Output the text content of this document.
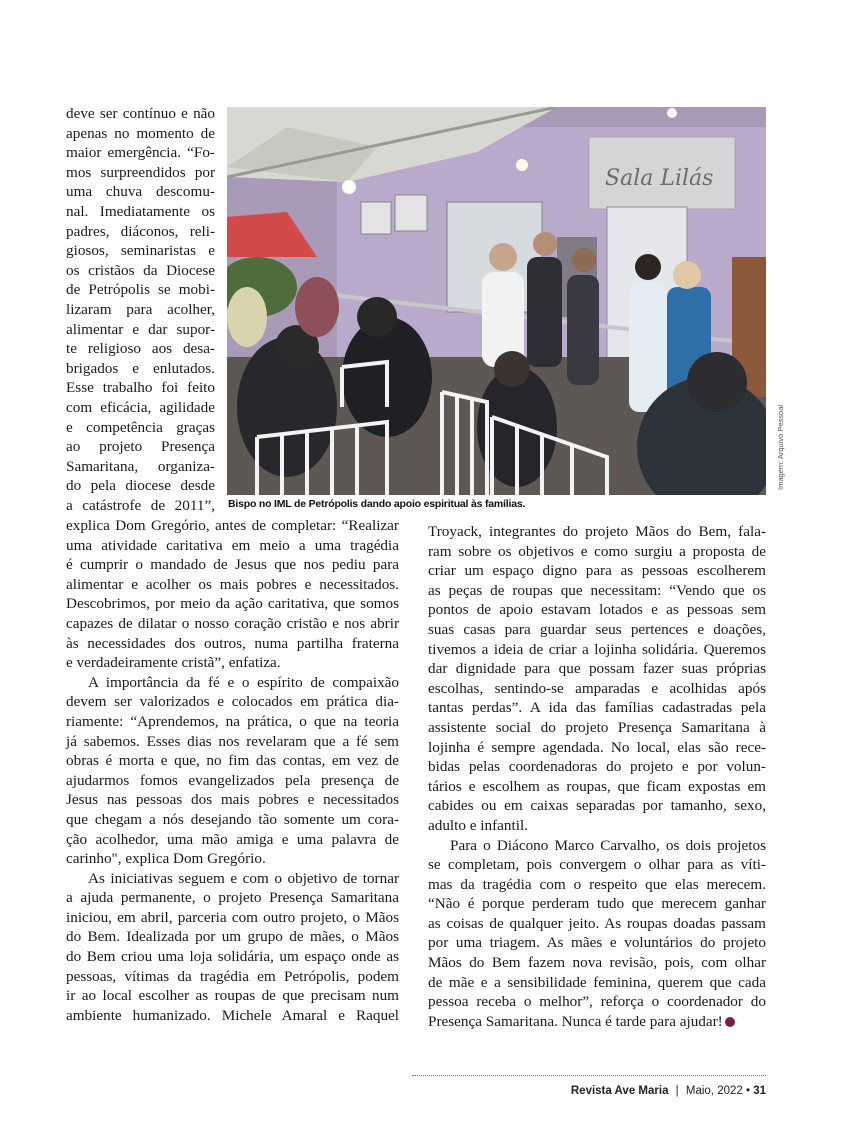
Sala Lilás
Bispo no IML de Petrópolis dando apoio espiritual às famílias.
Imagem: Arquivo Pessoal
deve ser contínuo e não
apenas no momento de
maior emergência. “Fo-
mos surpreendidos por
uma chuva descomu-
nal. Imediatamente os
padres, diáconos, reli-
giosos, seminaristas e
os cristãos da Diocese
de Petrópolis se mobi-
lizaram para acolher,
alimentar e dar supor-
te religioso aos desa-
brigados e enlutados.
Esse trabalho foi feito
com eficácia, agilidade
e competência graças
ao projeto Presença
Samaritana, organiza-
do pela diocese desde
a catástrofe de 2011”,
explica Dom Gregório, antes de completar: “Realizar
uma atividade caritativa em meio a uma tragédia
é cumprir o mandado de Jesus que nos pediu para
alimentar e acolher os mais pobres e necessitados.
Descobrimos, por meio da ação caritativa, que somos
capazes de dilatar o nosso coração cristão e nos abrir
às necessidades dos outros, numa partilha fraterna
e verdadeiramente cristã”, enfatiza.
A importância da fé e o espírito de compaixão
devem ser valorizados e colocados em prática dia-
riamente: “Aprendemos, na prática, o que na teoria
já sabemos. Esses dias nos revelaram que a fé sem
obras é morta e que, no fim das contas, em vez de
ajudarmos fomos evangelizados pela presença de
Jesus nas pessoas dos mais pobres e necessitados
que chegam a nós desejando tão somente um cora-
ção acolhedor, uma mão amiga e uma palavra de
carinho", explica Dom Gregório.
As iniciativas seguem e com o objetivo de tornar
a ajuda permanente, o projeto Presença Samaritana
iniciou, em abril, parceria com outro projeto, o Mãos
do Bem. Idealizada por um grupo de mães, o Mãos
do Bem criou uma loja solidária, um espaço onde as
pessoas, vítimas da tragédia em Petrópolis, podem
ir ao local escolher as roupas de que precisam num
ambiente humanizado. Michele Amaral e Raquel
Troyack, integrantes do projeto Mãos do Bem, fala-
ram sobre os objetivos e como surgiu a proposta de
criar um espaço digno para as pessoas escolherem
as peças de roupas que necessitam: “Vendo que os
pontos de apoio estavam lotados e as pessoas sem
suas casas para guardar seus pertences e doações,
tivemos a ideia de criar a lojinha solidária. Queremos
dar dignidade para que possam fazer suas próprias
escolhas, sentindo-se amparadas e acolhidas após
tantas perdas”. A ida das famílias cadastradas pela
assistente social do projeto Presença Samaritana à
lojinha é sempre agendada. No local, elas são rece-
bidas pelas coordenadoras do projeto e por volun-
tários e escolhem as roupas, que ficam expostas em
cabides ou em caixas separadas por tamanho, sexo,
adulto e infantil.
Para o Diácono Marco Carvalho, os dois projetos
se completam, pois convergem o olhar para as víti-
mas da tragédia com o respeito que elas merecem.
“Não é porque perderam tudo que merecem ganhar
as coisas de qualquer jeito. As roupas doadas passam
por uma triagem. As mães e voluntários do projeto
Mãos do Bem fazem nova revisão, pois, com olhar
de mãe e a sensibilidade feminina, querem que cada
pessoa receba o melhor”, reforça o coordenador do
Presença Samaritana. Nunca é tarde para ajudar!
Revista Ave Maria | Maio, 2022 • 31
